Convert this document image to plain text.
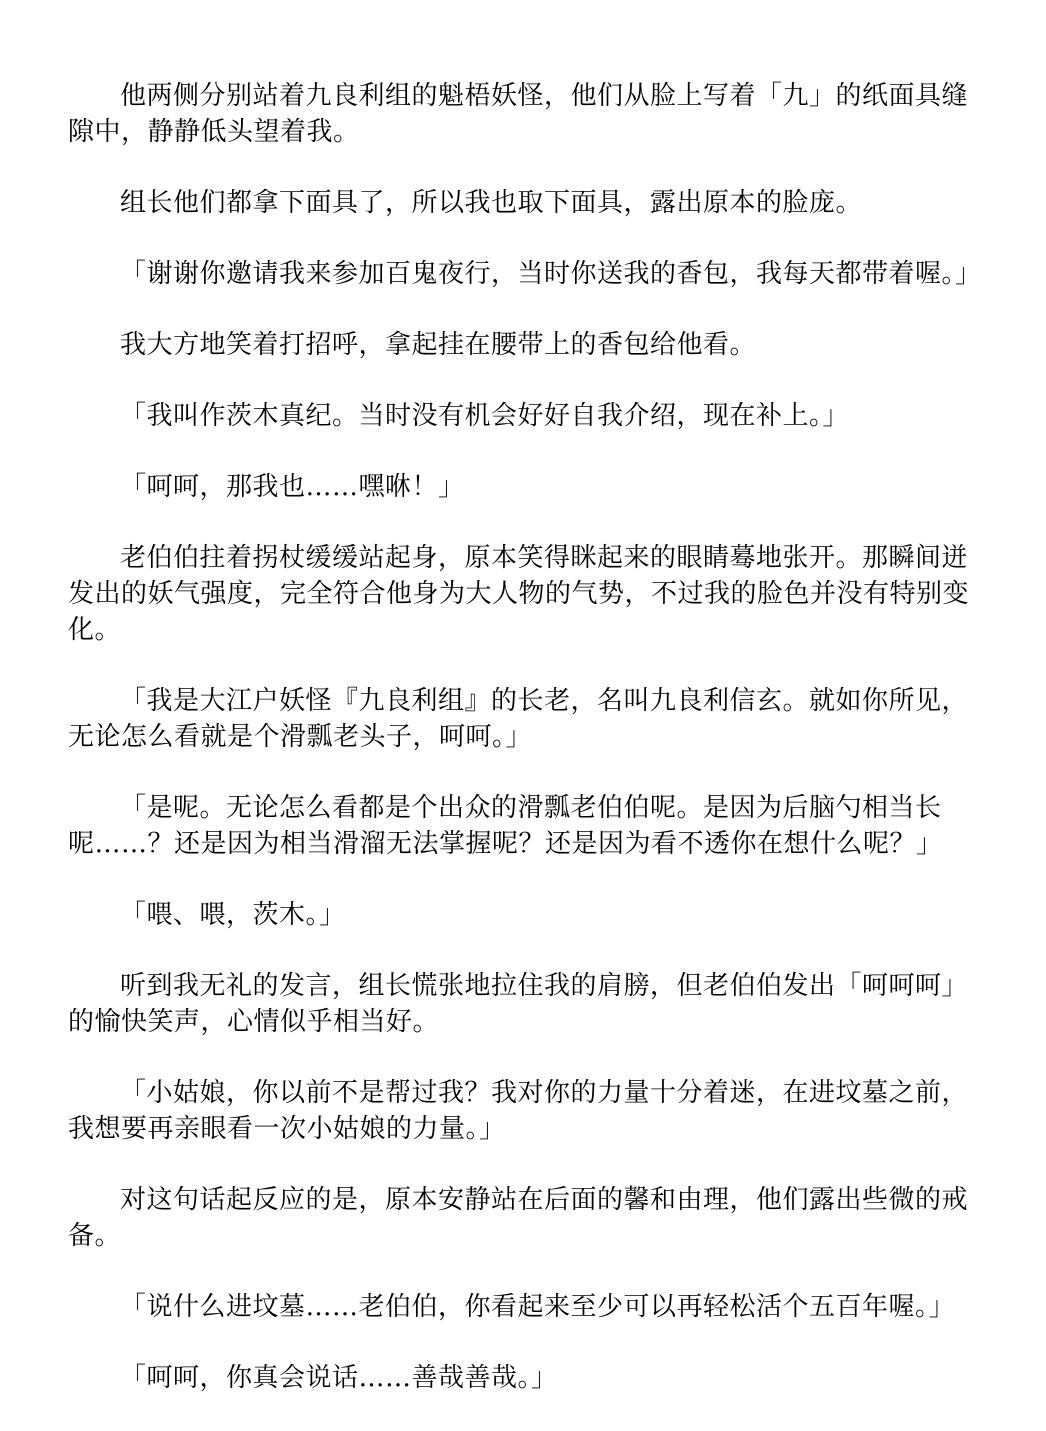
他两侧分别站着九良利组的魁梧妖怪，他们从脸上写着「九」的纸面具缝隙中，静静低头望着我。

组长他们都拿下面具了，所以我也取下面具，露出原本的脸庞。

「谢谢你邀请我来参加百鬼夜行，当时你送我的香包，我每天都带着喔。」

我大方地笑着打招呼，拿起挂在腰带上的香包给他看。

「我叫作茨木真纪。当时没有机会好好自我介绍，现在补上。」

「呵呵，那我也……嘿咻！」

老伯伯拄着拐杖缓缓站起身，原本笑得眯起来的眼睛蓦地张开。那瞬间迸发出的妖气强度，完全符合他身为大人物的气势，不过我的脸色并没有特别变化。

「我是大江户妖怪『九良利组』的长老，名叫九良利信玄。就如你所见，无论怎么看就是个滑瓢老头子，呵呵。」

「是呢。无论怎么看都是个出众的滑瓢老伯伯呢。是因为后脑勺相当长呢……？还是因为相当滑溜无法掌握呢？还是因为看不透你在想什么呢？」

「喂、喂，茨木。」

听到我无礼的发言，组长慌张地拉住我的肩膀，但老伯伯发出「呵呵呵」的愉快笑声，心情似乎相当好。

「小姑娘，你以前不是帮过我？我对你的力量十分着迷，在进坟墓之前，我想要再亲眼看一次小姑娘的力量。」

对这句话起反应的是，原本安静站在后面的馨和由理，他们露出些微的戒备。

「说什么进坟墓……老伯伯，你看起来至少可以再轻松活个五百年喔。」

「呵呵，你真会说话……善哉善哉。」
